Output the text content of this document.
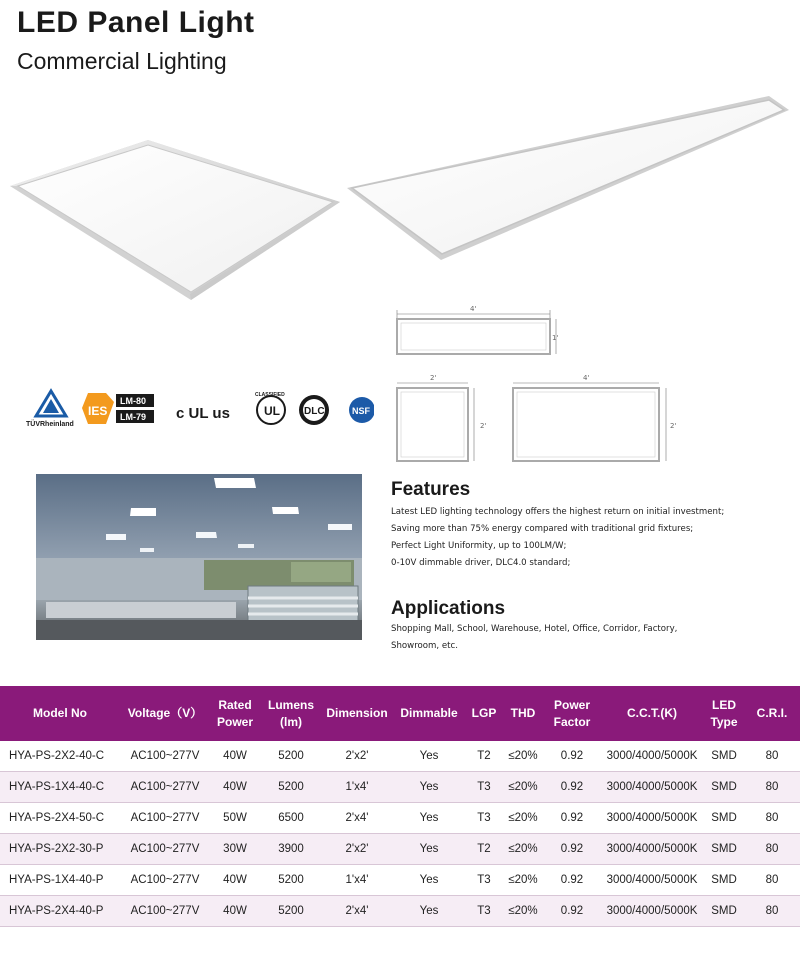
LED Panel Light
Commercial Lighting
4'
1'
2'
2'
4'
2'
TÜVRheinland
IES
LM-80
LM-79 c UL us
CLASSIFIED
UL DLC	NSF
Features
Latest LED lighting technology offers the highest return on initial investment;
Saving more than 75% energy compared with traditional grid fixtures;
Perfect Light Uniformity, up to 100LM/W;
0-10V dimmable driver, DLC4.0 standard;
Applications
Shopping Mall, School, Warehouse, Hotel, Office, Corridor, Factory,
Showroom, etc.
Model No	Voltage（V）	Rated Power	Lumens (lm)	Dimension	Dimmable	LGP	THD	Power Factor	C.C.T.(K)	LED Type	C.R.I.
HYA-PS-2X2-40-C	AC100~277V	40W	5200	2'x2'	Yes	T2	≤20%	0.92	3000/4000/5000K	SMD	80
HYA-PS-1X4-40-C	AC100~277V	40W	5200	1'x4'	Yes	T3	≤20%	0.92	3000/4000/5000K	SMD	80
HYA-PS-2X4-50-C	AC100~277V	50W	6500	2'x4'	Yes	T3	≤20%	0.92	3000/4000/5000K	SMD	80
HYA-PS-2X2-30-P	AC100~277V	30W	3900	2'x2'	Yes	T2	≤20%	0.92	3000/4000/5000K	SMD	80
HYA-PS-1X4-40-P	AC100~277V	40W	5200	1'x4'	Yes	T3	≤20%	0.92	3000/4000/5000K	SMD	80
HYA-PS-2X4-40-P	AC100~277V	40W	5200	2'x4'	Yes	T3	≤20%	0.92	3000/4000/5000K	SMD	80
